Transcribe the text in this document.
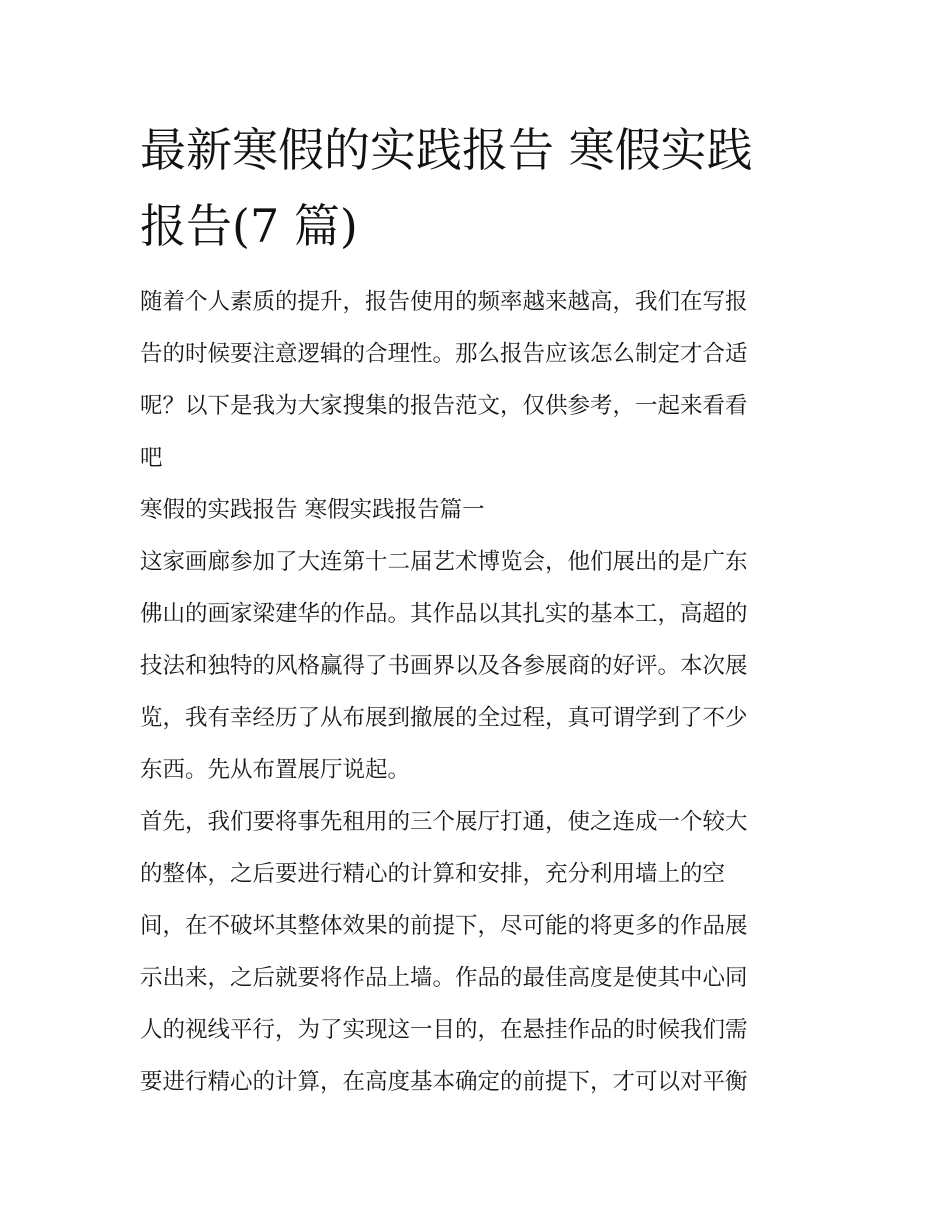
最新寒假的实践报告 寒假实践
报告(7 篇)

随着个人素质的提升，报告使用的频率越来越高，我们在写报
告的时候要注意逻辑的合理性。那么报告应该怎么制定才合适
呢？以下是我为大家搜集的报告范文，仅供参考，一起来看看
吧

寒假的实践报告 寒假实践报告篇一

这家画廊参加了大连第十二届艺术博览会，他们展出的是广东
佛山的画家梁建华的作品。其作品以其扎实的基本工，高超的
技法和独特的风格赢得了书画界以及各参展商的好评。本次展
览，我有幸经历了从布展到撤展的全过程，真可谓学到了不少
东西。先从布置展厅说起。

首先，我们要将事先租用的三个展厅打通，使之连成一个较大
的整体，之后要进行精心的计算和安排，充分利用墙上的空
间，在不破坏其整体效果的前提下，尽可能的将更多的作品展
示出来，之后就要将作品上墙。作品的最佳高度是使其中心同
人的视线平行，为了实现这一目的，在悬挂作品的时候我们需
要进行精心的计算，在高度基本确定的前提下，才可以对平衡
